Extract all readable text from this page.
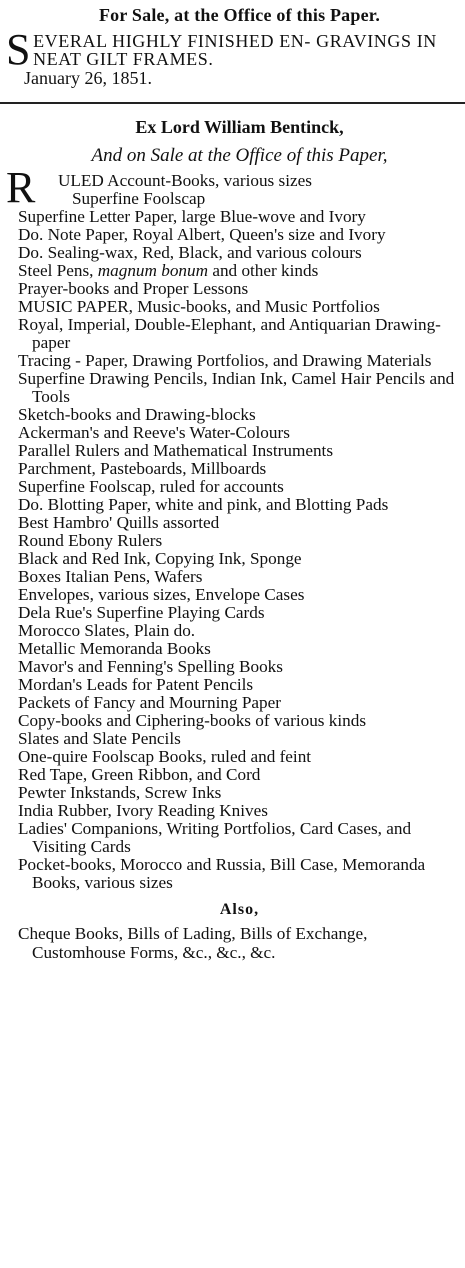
For Sale, at the Office of this Paper.
S EVERAL HIGHLY FINISHED EN- GRAVINGS IN NEAT GILT FRAMES.
January 26, 1851.
Ex Lord William Bentinck,
And on Sale at the Office of this Paper,
R ULED Account-Books, various sizes
Superfine Foolscap
Superfine Letter Paper, large Blue-wove and Ivory
Do. Note Paper, Royal Albert, Queen's size and Ivory
Do. Sealing-wax, Red, Black, and various colours
Steel Pens, magnum bonum and other kinds
Prayer-books and Proper Lessons
MUSIC PAPER, Music-books, and Music Portfolios
Royal, Imperial, Double-Elephant, and Antiquarian Drawing-paper
Tracing - Paper, Drawing Portfolios, and Drawing Materials
Superfine Drawing Pencils, Indian Ink, Camel Hair Pencils and Tools
Sketch-books and Drawing-blocks
Ackerman's and Reeve's Water-Colours
Parallel Rulers and Mathematical Instruments
Parchment, Pasteboards, Millboards
Superfine Foolscap, ruled for accounts
Do. Blotting Paper, white and pink, and Blotting Pads
Best Hambro' Quills assorted
Round Ebony Rulers
Black and Red Ink, Copying Ink, Sponge
Boxes Italian Pens, Wafers
Envelopes, various sizes, Envelope Cases
Dela Rue's Superfine Playing Cards
Morocco Slates, Plain do.
Metallic Memoranda Books
Mavor's and Fenning's Spelling Books
Mordan's Leads for Patent Pencils
Packets of Fancy and Mourning Paper
Copy-books and Ciphering-books of various kinds
Slates and Slate Pencils
One-quire Foolscap Books, ruled and feint
Red Tape, Green Ribbon, and Cord
Pewter Inkstands, Screw Inks
India Rubber, Ivory Reading Knives
Ladies' Companions, Writing Portfolios, Card Cases, and Visiting Cards
Pocket-books, Morocco and Russia, Bill Case, Memoranda Books, various sizes
Also,
Cheque Books, Bills of Lading, Bills of Exchange, Customhouse Forms, &c., &c., &c.
